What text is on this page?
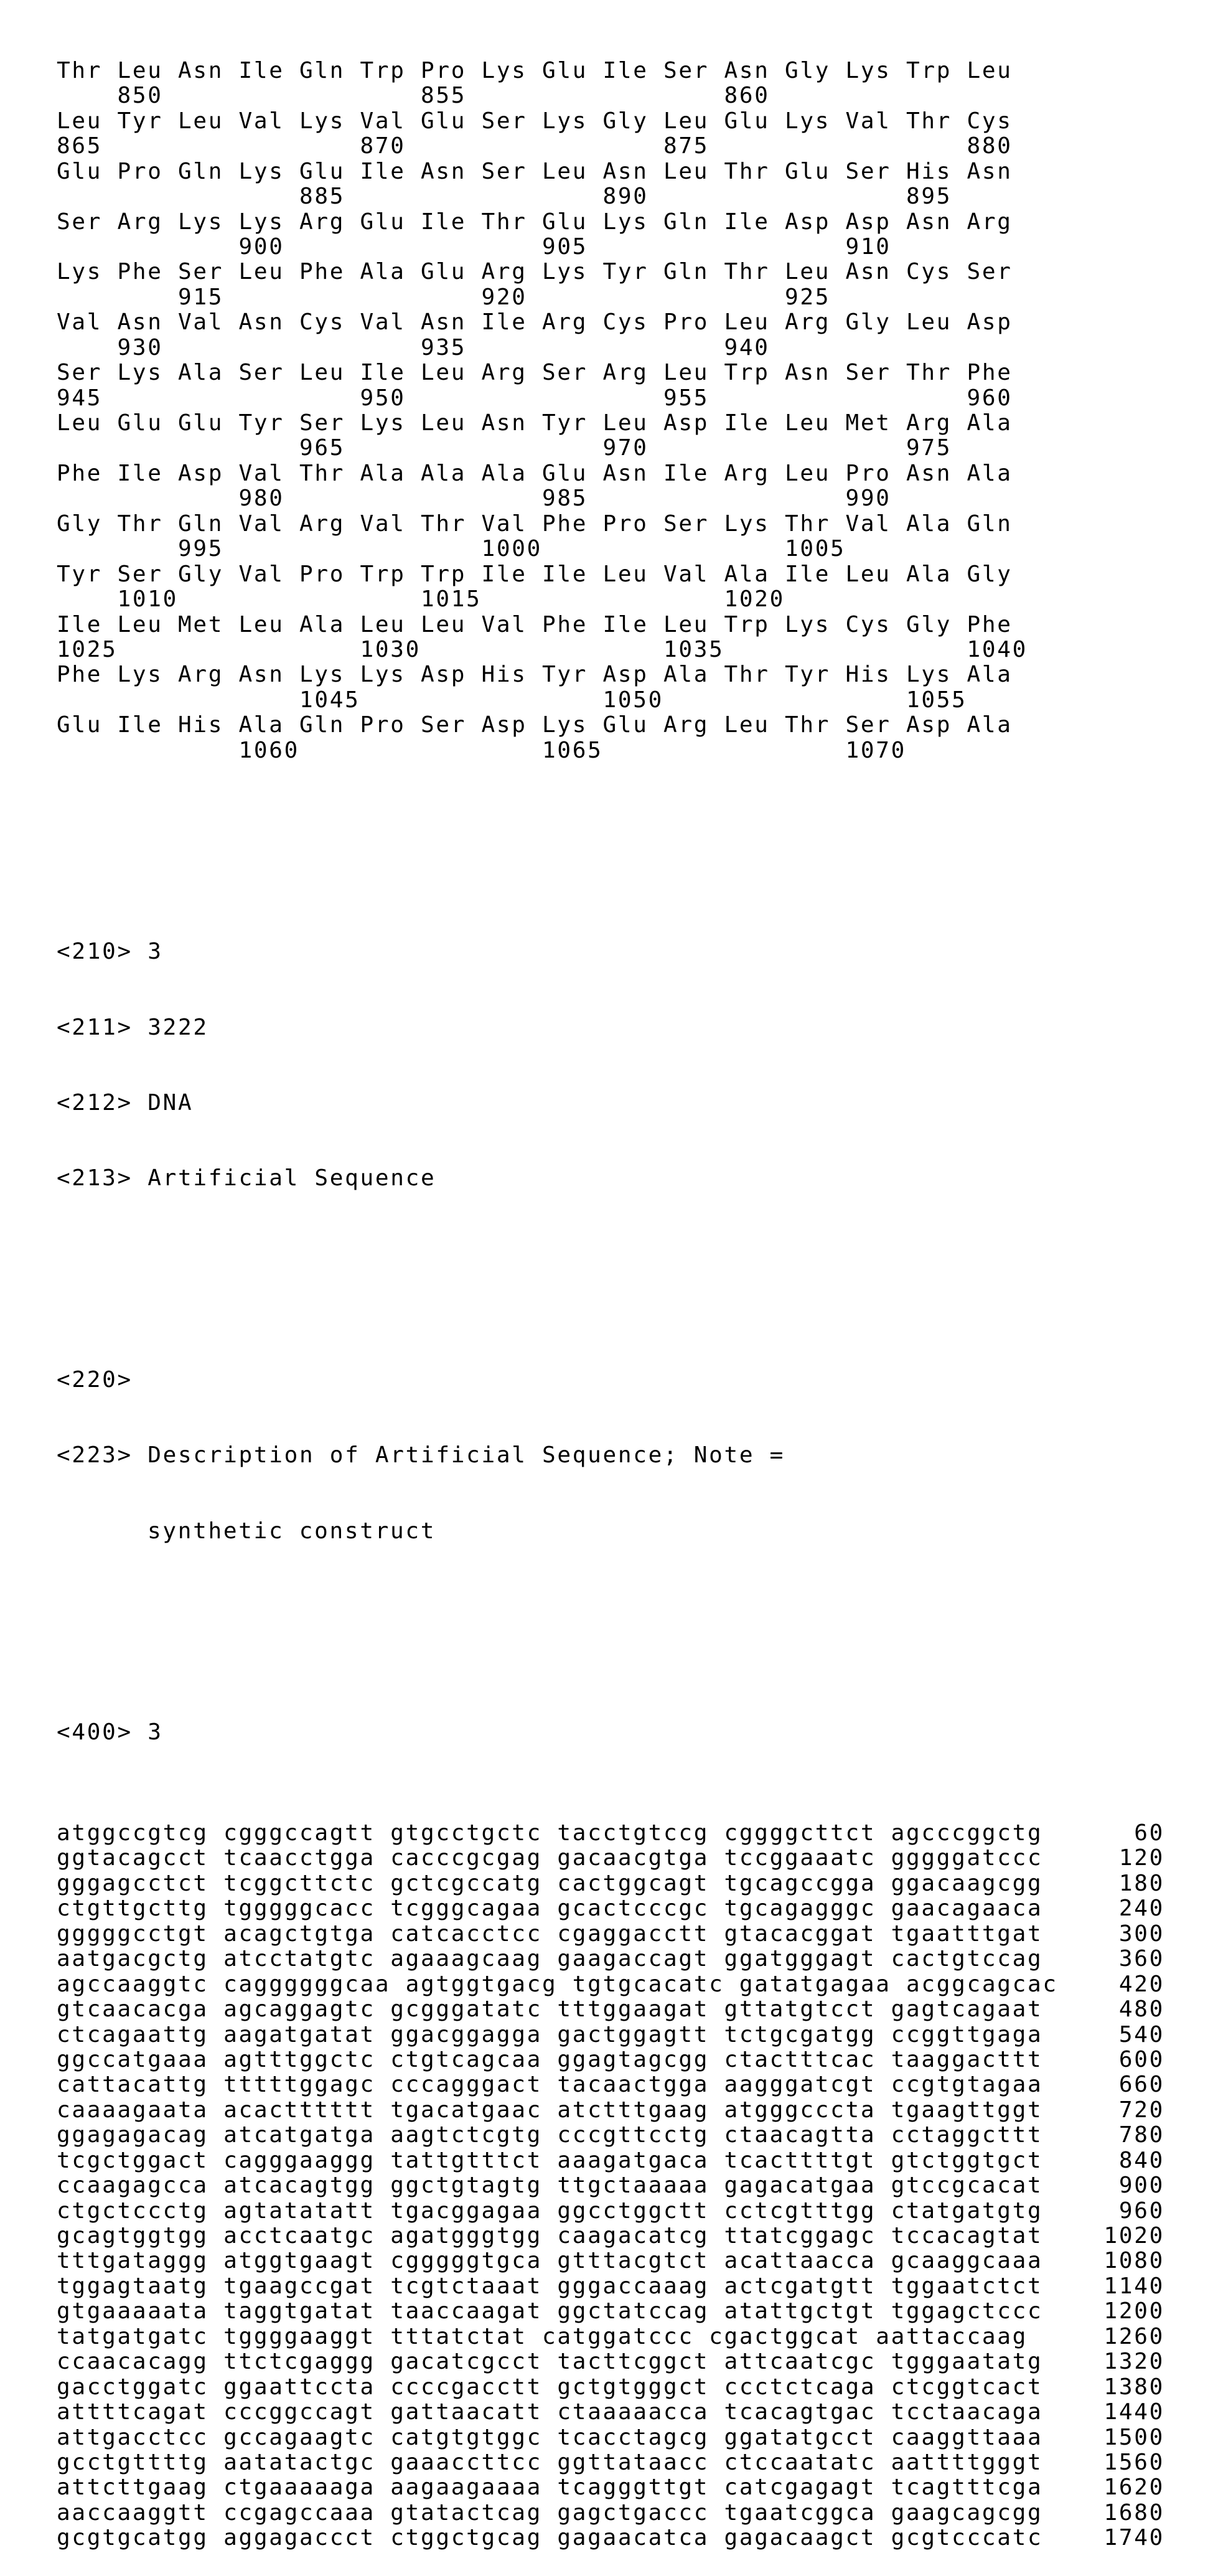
Thr Leu Asn Ile Gln Trp Pro Lys Glu Ile Ser Asn Gly Lys Trp Leu
850	855	860
Leu Tyr Leu Val Lys Val Glu Ser Lys Gly Leu Glu Lys Val Thr Cys
865	870	875	880
Glu Pro Gln Lys Glu Ile Asn Ser Leu Asn Leu Thr Glu Ser His Asn
885	890	895
Ser Arg Lys Lys Arg Glu Ile Thr Glu Lys Gln Ile Asp Asp Asn Arg
900	905	910
Lys Phe Ser Leu Phe Ala Glu Arg Lys Tyr Gln Thr Leu Asn Cys Ser
915	920	925
Val Asn Val Asn Cys Val Asn Ile Arg Cys Pro Leu Arg Gly Leu Asp
930	935	940
Ser Lys Ala Ser Leu Ile Leu Arg Ser Arg Leu Trp Asn Ser Thr Phe
945	950	955	960
Leu Glu Glu Tyr Ser Lys Leu Asn Tyr Leu Asp Ile Leu Met Arg Ala
965	970	975
Phe Ile Asp Val Thr Ala Ala Ala Glu Asn Ile Arg Leu Pro Asn Ala
980	985	990
Gly Thr Gln Val Arg Val Thr Val Phe Pro Ser Lys Thr Val Ala Gln
995	1000	1005
Tyr Ser Gly Val Pro Trp Trp Ile Ile Leu Val Ala Ile Leu Ala Gly
1010	1015	1020
Ile Leu Met Leu Ala Leu Leu Val Phe Ile Leu Trp Lys Cys Gly Phe
1025	1030	1035	1040
Phe Lys Arg Asn Lys Lys Asp His Tyr Asp Ala Thr Tyr His Lys Ala
1045	1050	1055
Glu Ile His Ala Gln Pro Ser Asp Lys Glu Arg Leu Thr Ser Asp Ala
1060	1065	1070

<210> 3

<211> 3222

<212> DNA

<213> Artificial Sequence

<220>

<223> Description of Artificial Sequence; Note =

synthetic construct

<400> 3

atggccgtcg cgggccagtt gtgcctgctc tacctgtccg cggggcttct agcccggctg	60
ggtacagcct tcaacctgga cacccgcgag gacaacgtga tccggaaatc gggggatccc	120
gggagcctct tcggcttctc gctcgccatg cactggcagt tgcagccgga ggacaagcgg	180
ctgttgcttg tgggggcacc tcgggcagaa gcactcccgc tgcagagggc gaacagaaca	240
gggggcctgt acagctgtga catcacctcc cgaggacctt gtacacggat tgaatttgat	300
aatgacgctg atcctatgtc agaaagcaag gaagaccagt ggatgggagt cactgtccag	360
agccaaggtc caggggggcaa agtggtgacg tgtgcacatc gatatgagaa acggcagcac	420
gtcaacacga agcaggagtc gcgggatatc tttggaagat gttatgtcct gagtcagaat	480
ctcagaattg aagatgatat ggacggagga gactggagtt tctgcgatgg ccggttgaga	540
ggccatgaaa agtttggctc ctgtcagcaa ggagtagcgg ctactttcac taaggacttt	600
cattacattg tttttggagc cccagggact tacaactgga aagggatcgt ccgtgtagaa	660
caaaagaata acactttttt tgacatgaac atctttgaag atgggcccta tgaagttggt	720
ggagagacag atcatgatga aagtctcgtg cccgttcctg ctaacagtta cctaggcttt	780
tcgctggact cagggaaggg tattgtttct aaagatgaca tcacttttgt gtctggtgct	840
ccaagagcca atcacagtgg ggctgtagtg ttgctaaaaa gagacatgaa gtccgcacat	900
ctgctccctg agtatatatt tgacggagaa ggcctggctt cctcgtttgg ctatgatgtg	960
gcagtggtgg acctcaatgc agatgggtgg caagacatcg ttatcggagc tccacagtat	1020
tttgataggg atggtgaagt cgggggtgca gtttacgtct acattaacca gcaaggcaaa	1080
tggagtaatg tgaagccgat tcgtctaaat gggaccaaag actcgatgtt tggaatctct	1140
gtgaaaaata taggtgatat taaccaagat ggctatccag atattgctgt tggagctccc	1200
tatgatgatc tggggaaggt tttatctat catggatccc cgactggcat aattaccaag	1260
ccaacacagg ttctcgaggg gacatcgcct tacttcggct attcaatcgc tgggaatatg	1320
gacctggatc ggaattccta ccccgacctt gctgtgggct ccctctcaga ctcggtcact	1380
attttcagat cccggccagt gattaacatt ctaaaaacca tcacagtgac tcctaacaga	1440
attgacctcc gccagaagtc catgtgtggc tcacctagcg ggatatgcct caaggttaaa	1500
gcctgttttg aatatactgc gaaaccttcc ggttataacc ctccaatatc aattttgggt	1560
attcttgaag ctgaaaaaga aagaagaaaa tcagggttgt catcgagagt tcagtttcga	1620
aaccaaggtt ccgagccaaa gtatactcag gagctgaccc tgaatcggca gaagcagcgg	1680
gcgtgcatgg aggagaccct ctggctgcag gagaacatca gagacaagct gcgtcccatc	1740
